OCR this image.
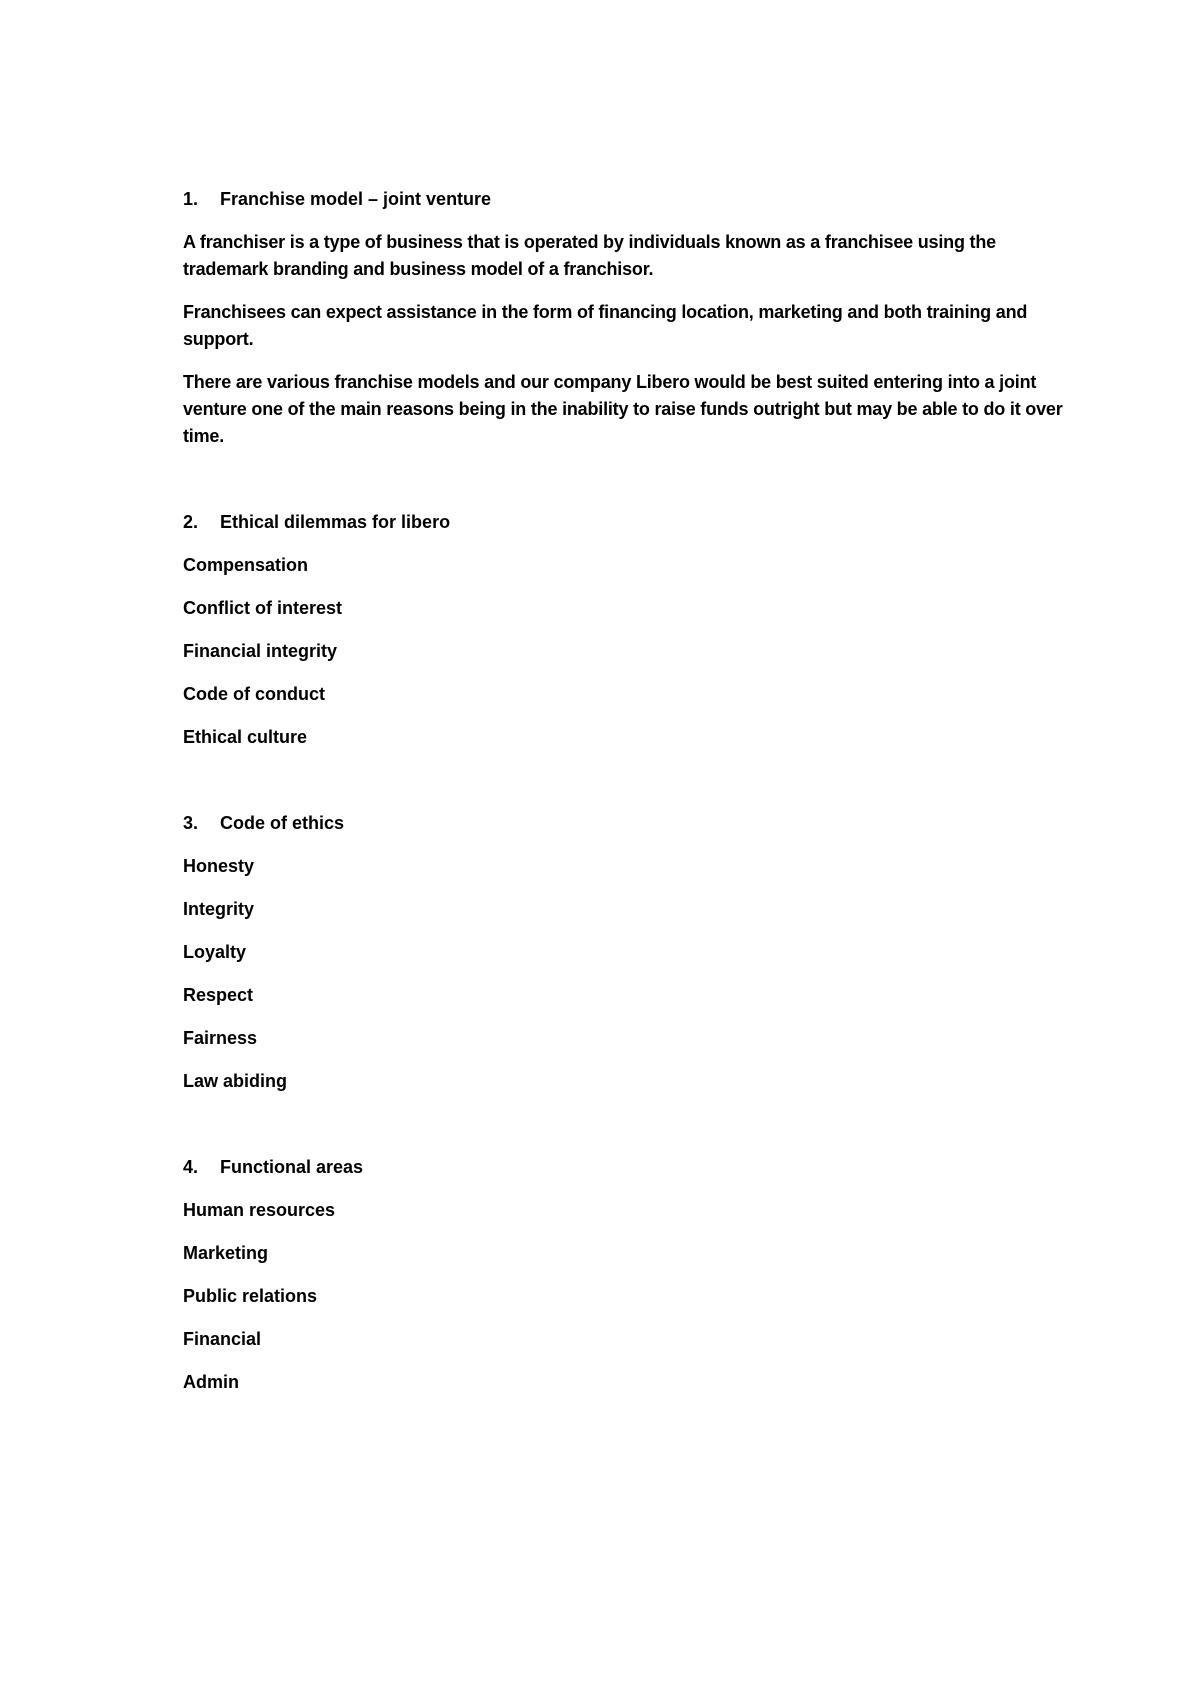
1.	Franchise model – joint venture

A franchiser is a type of business that is operated by individuals known as a franchisee using the trademark branding and business model of a franchisor.

Franchisees can expect assistance in the form of financing location, marketing and both training and support.

There are various franchise models and our company Libero would be best suited entering into a joint venture one of the main reasons being in the inability to raise funds outright but may be able to do it over time.

2.	Ethical dilemmas for libero
Compensation
Conflict of interest
Financial integrity
Code of conduct
Ethical culture
3.	Code of ethics
Honesty
Integrity
Loyalty
Respect
Fairness
Law abiding
4.	Functional areas
Human resources
Marketing
Public relations
Financial
Admin
